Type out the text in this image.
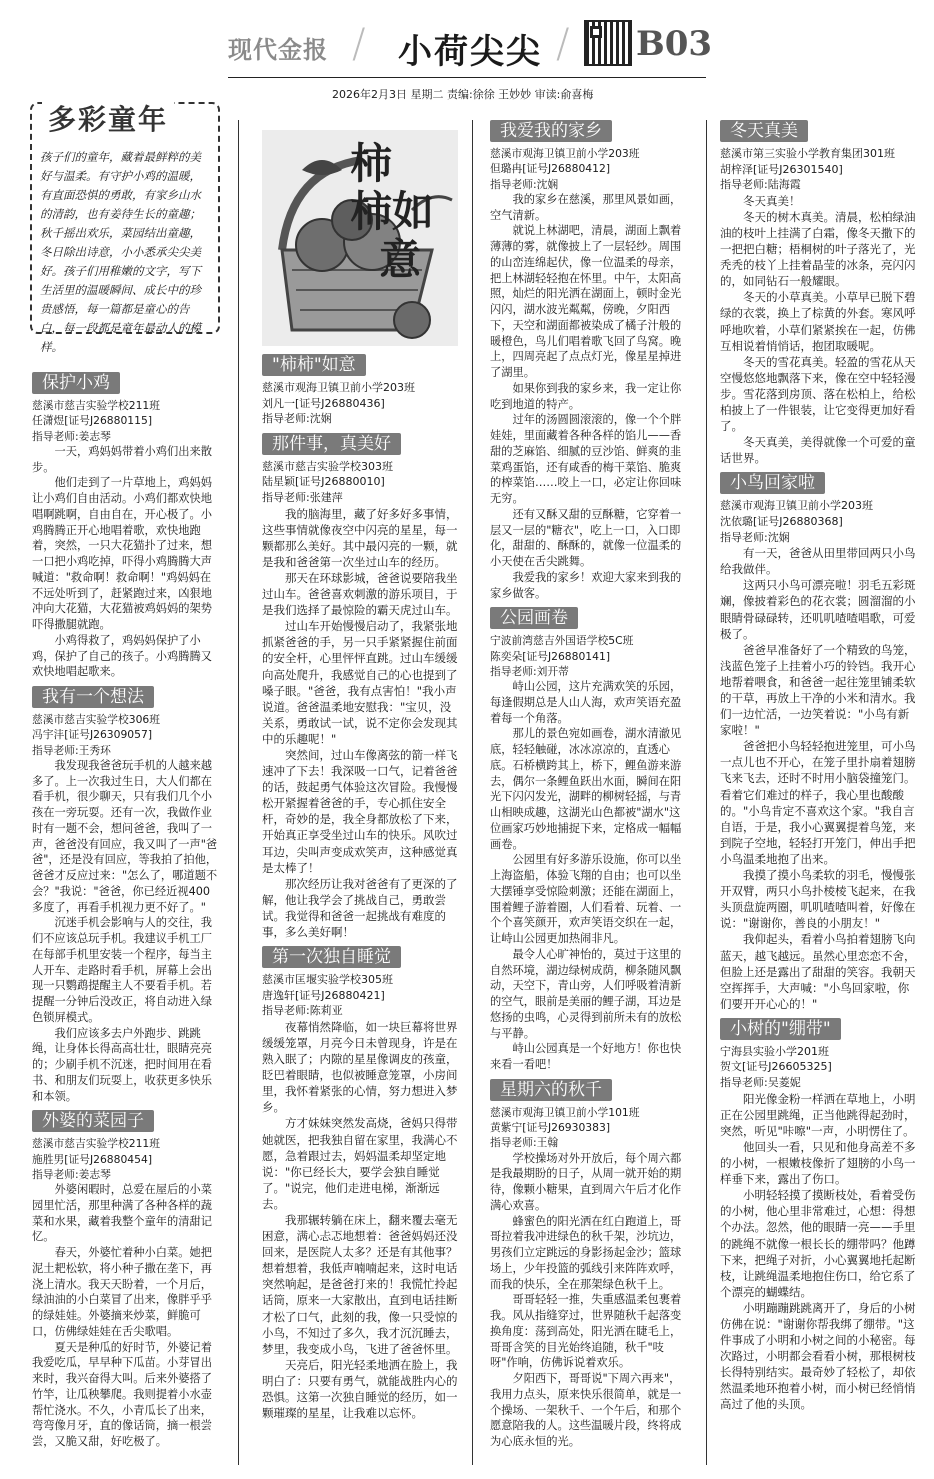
现代金报 / 小荷尖尖 / B03
2026年2月3日 星期二 责编:徐徐 王妙妙 审读:俞喜梅
多彩童年
孩子们的童年，藏着最鲜粹的美好与温柔。有守护小鸡的温暖，有直面恐惧的勇敢，有家乡山水的清韵，也有姜待生长的童趣；秋千摇出欢乐，菜园结出童趣，冬日除出诗意，小小悉承尖尖美好。孩子们用稚嫩的文字，写下生活里的温暖瞬间、成长中的珍贵感悟，每一篇都是童心的告白，每一段都是童年最动人的模样。
柿
柿如
意
保护小鸡
慈溪市慈吉实验学校211班
任潇煜[证号J26880115]
指导老师:姜志琴

一天，鸡妈妈带着小鸡们出来散步。

他们走到了一片草地上，鸡妈妈让小鸡们自由活动。小鸡们都欢快地唱啊跳啊，自由自在，开心极了。小鸡腾腾正开心地唱着歌，欢快地跑着，突然，一只大花猫扑了过来，想一口把小鸡吃掉，吓得小鸡腾腾大声喊道："救命啊！救命啊！"鸡妈妈在不远处听到了，赶紧跑过来，凶狠地冲向大花猫，大花猫被鸡妈妈的架势吓得撒腿就跑。

小鸡得救了，鸡妈妈保护了小鸡，保护了自己的孩子。小鸡腾腾又欢快地唱起歌来。

我有一个想法
慈溪市慈吉实验学校306班
冯宇沣[证号J26309057]
指导老师:王秀环

我发现我爸爸玩手机的人越来越多了。上一次我过生日，大人们都在看手机，很少聊天，只有我们几个小孩在一旁玩耍。还有一次，我做作业时有一题不会，想问爸爸，我叫了一声，爸爸没有回应，我又叫了一声"爸爸"，还是没有回应，等我拍了拍他，爸爸才反应过来："怎么了，哪道题不会？"我说："爸爸，你已经近视400多度了，再看手机视力更不好了。"

沉迷手机会影响与人的交往，我们不应该总玩手机。我建议手机工厂在每部手机里安装一个程序，每当主人开车、走路时看手机，屏幕上会出现一只鹦鹉提醒主人不要看手机。若提醒一分钟后没改正，将自动进入绿色锁屏模式。

我们应该多去户外跑步、跳跳绳，让身体长得高高壮壮，眼睛亮亮的；少刷手机不沉迷，把时间用在看书、和朋友们玩耍上，收获更多快乐和本领。

外婆的菜园子
慈溪市慈吉实验学校211班
施胜男[证号J26880454]
指导老师:姜志琴

外婆闲暇时，总爱在屋后的小菜园里忙活，那里种满了各种各样的蔬菜和水果，藏着我整个童年的清甜记忆。

春天，外婆忙着种小白菜。她把泥土耙松软，将小种子撒在垄下，再浇上清水。我天天盼着，一个月后，绿油油的小白菜冒了出来，像胖乎乎的绿娃娃。外婆摘来炒菜，鲜脆可口，仿佛绿娃娃在舌尖歌唱。

夏天是种瓜的好时节，外婆记着我爱吃瓜，早早种下瓜苗。小芽冒出来时，我兴奋得大叫。后来外婆搭了竹竿，让瓜秧攀爬。我则提着小水壶帮忙浇水。不久，小青瓜长了出来，弯弯像月牙，直的像话筒，摘一根尝尝，又脆又甜，好吃极了。

"柿柿"如意
慈溪市观海卫镇卫前小学203班
刘凡一[证号J26880436]
指导老师:沈娴
那件事，真美好
慈溪市慈吉实验学校303班
陆星颖[证号J26880010]
指导老师:张建萍

我的脑海里，藏了好多好多事情，这些事情就像夜空中闪亮的星星，每一颗都那么美好。其中最闪亮的一颗，就是我和爸爸第一次坐过山车的经历。

那天在环球影城，爸爸说要陪我坐过山车。爸爸喜欢刺激的游乐项目，于是我们选择了最惊险的霸天虎过山车。

过山车开始慢慢启动了，我紧张地抓紧爸爸的手，另一只手紧紧握住前面的安全杆，心里怦怦直跳。过山车缓缓向高处爬升，我感觉自己的心也提到了嗓子眼。"爸爸，我有点害怕！"我小声说道。爸爸温柔地安慰我："宝贝，没关系，勇敢试一试，说不定你会发现其中的乐趣呢！"

突然间，过山车像离弦的箭一样飞速冲了下去！我深吸一口气，记着爸爸的话，鼓起勇气体验这次冒险。我慢慢松开紧握着爸爸的手，专心抓住安全杆，奇妙的是，我全身都放松了下来，开始真正享受坐过山车的快乐。风吹过耳边，尖叫声变成欢笑声，这种感觉真是太棒了！

那次经历让我对爸爸有了更深的了解，他让我学会了挑战自己，勇敢尝试。我觉得和爸爸一起挑战有难度的事，多么美好啊！

第一次独自睡觉
慈溪市匡堰实验学校305班
唐逸轩[证号J26880421]
指导老师:陈莉亚

夜幕悄然降临，如一块巨幕将世界缓缓笼罩，月亮今日未曾现身，许是在熟入眠了；内隙的星星像调皮的孩童，眨巴着眼睛，也似被睡意笼罩，小房间里，我怀着紧张的心情，努力想进入梦乡。

方才妹妹突然发高烧，爸妈只得带她就医，把我独自留在家里，我满心不愿，急着跟过去，妈妈温柔却坚定地说："你已经长大，要学会独自睡觉了。"说完，他们走进电梯，渐渐远去。

我那辗转躺在床上，翻来覆去毫无困意，满心忐忑地想着：爸爸妈妈还没回来，是医院人太多？还是有其他事？想着想着，我低声喃喃起来，这时电话突然响起，是爸爸打来的！我慌忙拎起话筒，原来一大家散出，直到电话挂断才松了口气，此刻的我，像一只受惊的小鸟，不知过了多久，我才沉沉睡去，梦里，我变成小鸟，飞进了爸爸怀里。

天亮后，阳光轻柔地洒在脸上，我明白了：只要有勇气，就能战胜内心的恐惧。这第一次独自睡觉的经历，如一颗璀璨的星星，让我难以忘怀。

我爱我的家乡
慈溪市观海卫镇卫前小学203班
但璐冉[证号J26880412]
指导老师:沈娴

我的家乡在慈溪，那里风景如画，空气清新。

就说上林湖吧，清晨，湖面上飘着薄薄的雾，就像披上了一层轻纱。周围的山峦连绵起伏，像一位温柔的母亲，把上林湖轻轻抱在怀里。中午，太阳高照，灿烂的阳光洒在湖面上，顿时金光闪闪，湖水波光粼粼，傍晚，夕阳西下，天空和湖面都被染成了橘子汁般的暖橙色，鸟儿们唱着歌飞回了鸟窝。晚上，四周亮起了点点灯光，像星星掉进了湖里。

如果你到我的家乡来，我一定让你吃到地道的特产。

过年的汤圆圆滚滚的，像一个个胖娃娃，里面藏着各种各样的馅儿——香甜的芝麻馅、细腻的豆沙馅、鲜爽的韭菜鸡蛋馅，还有咸香的梅干菜馅、脆爽的榨菜馅……咬上一口，必定让你回味无穷。

还有又酥又甜的豆酥糖，它穿着一层又一层的"糖衣"，吃上一口，入口即化，甜甜的、酥酥的，就像一位温柔的小天使在舌尖跳舞。

我爱我的家乡！欢迎大家来到我的家乡做客。

公园画卷
宁波前湾慈吉外国语学校5C班
陈奕朵[证号J26880141]
指导老师:刘开蒂

峙山公园，这片充满欢笑的乐园，每逢假期总是人山人海，欢声笑语充盈着每一个角落。

那儿的景色宛如画卷，湖水清澈见底，轻轻触碰，冰冰凉凉的，直透心底。石桥横跨其上，桥下，鲤鱼游来游去，偶尔一条鲤鱼跃出水面，瞬间在阳光下闪闪发光，湖畔的柳树轻摇，与青山相映成趣，这湖光山色都被"湖水"这位画家巧妙地捕捉下来，定格成一幅幅画卷。

公园里有好多游乐设施，你可以坐上海盗船，体验飞翔的自由；也可以坐大摆锤享受惊险刺激；还能在湖面上，围着鲤子游着圈，人们看着、玩着、一个个喜笑颜开，欢声笑语交织在一起，让峙山公园更加热闹非凡。

最令人心旷神怡的，莫过于这里的自然环境，湖边绿树成荫，柳条随风飘动，天空下，青山旁，人们呼吸着清新的空气，眼前是美丽的鲤子湖，耳边是悠扬的虫鸣，心灵得到前所未有的放松与平静。

峙山公园真是一个好地方！你也快来看一看吧！

星期六的秋千
慈溪市观海卫镇卫前小学101班
黄紫宁[证号J26930383]
指导老师:王翰

学校操场对外开放后，每个周六都是我最期盼的日子，从周一就开始的期待，像颗小糖果，直到周六午后才化作满心欢喜。

蜂蜜色的阳光洒在红白跑道上，哥哥拉着我冲进绿色的秋千架，沙坑边，男孩们立定跳远的身影扬起金沙；篮球场上，少年投篮的弧线引来阵阵欢呼，而我的快乐，全在那架绿色秋千上。

哥哥轻轻一推，失重感温柔包裹着我。风从指缝穿过，世界随秋千起落变换角度：荡到高处，阳光洒在睫毛上，哥哥含笑的目光始终追随，秋千"吱呀"作响，仿佛诉说着欢乐。

夕阳西下，哥哥说"下周六再来"，我用力点头，原来快乐很简单，就是一个操场、一架秋千、一个午后，和那个愿意陪我的人。这些温暖片段，终将成为心底永恒的光。

冬天真美
慈溪市第三实验小学教育集团301班
胡梓泽[证号J26301540]
指导老师:陆海霞

冬天真美！

冬天的树木真美。清晨，松柏绿油油的枝叶上挂满了白霜，像冬天撒下的一把把白糖；梧桐树的叶子落光了，光秃秃的枝丫上挂着晶莹的冰条，亮闪闪的，如同钻石一般耀眼。

冬天的小草真美。小草早已脱下碧绿的衣裳，换上了棕黄的外套。寒风呼呼地吹着，小草们紧紧挨在一起，仿佛互相说着悄悄话，抱团取暖呢。

冬天的雪花真美。轻盈的雪花从天空慢悠悠地飘落下来，像在空中轻轻漫步。雪花落到房顶、落在松柏上，给松柏披上了一件银装，让它变得更加好看了。

冬天真美，美得就像一个可爱的童话世界。

小鸟回家啦
慈溪市观海卫镇卫前小学203班
沈依璐[证号J26880368]
指导老师:沈娴

有一天，爸爸从田里带回两只小鸟给我做伴。

这两只小鸟可漂亮啦！羽毛五彩斑斓，像披着彩色的花衣裳；圆溜溜的小眼睛骨碌碌转，还叽叽喳喳唱歌，可爱极了。

爸爸早准备好了一个精致的鸟笼，浅蓝色笼子上挂着小巧的铃铛。我开心地帮着喂食，和爸爸一起往笼里铺柔软的干草，再放上干净的小米和清水。我们一边忙活，一边笑着说："小鸟有新家啦！"

爸爸把小鸟轻轻抱进笼里，可小鸟一点儿也不开心，在笼子里扑扇着翅膀飞来飞去，还时不时用小脑袋撞笼门。看着它们难过的样子，我心里也酸酸的。"小鸟肯定不喜欢这个家。"我自言自语，于是，我小心翼翼提着鸟笼，来到院子空地，轻轻打开笼门，伸出手把小鸟温柔地抱了出来。

我摸了摸小鸟柔软的羽毛，慢慢张开双臂，两只小鸟扑棱棱飞起来，在我头顶盘旋两圈，叽叽喳喳叫着，好像在说："谢谢你，善良的小朋友！"

我仰起头，看着小鸟拍着翅膀飞向蓝天，越飞越远。虽然心里恋恋不舍，但脸上还是露出了甜甜的笑容。我朝天空挥挥手，大声喊："小鸟回家啦，你们要开开心心的！"

小树的"绷带"
宁海县实验小学201班
贺文[证号J26605325]
指导老师:吴菱妮

阳光像金粉一样洒在草地上，小明正在公园里跳绳，正当他跳得起劲时，突然，听见"咔嚓"一声，小明愣住了。

他回头一看，只见和他身高差不多的小树，一根嫩枝像折了翅膀的小鸟一样垂下来，露出了伤口。

小明轻轻摸了摸断枝处，看着受伤的小树，他心里非常难过，心想：得想个办法。忽然，他的眼睛一亮——手里的跳绳不就像一根长长的绷带吗？他蹲下来，把绳子对折，小心翼翼地托起断枝，让跳绳温柔地抱住伤口，给它系了个漂亮的蝴蝶结。

小明蹦蹦跳跳离开了，身后的小树仿佛在说："谢谢你帮我绑了绷带。"这件事成了小明和小树之间的小秘密。每次路过，小明都会看看小树，那根树枝长得特别结实。最奇妙了轻松了，却依然温柔地环抱着小树，而小树已经悄悄高过了他的头顶。
